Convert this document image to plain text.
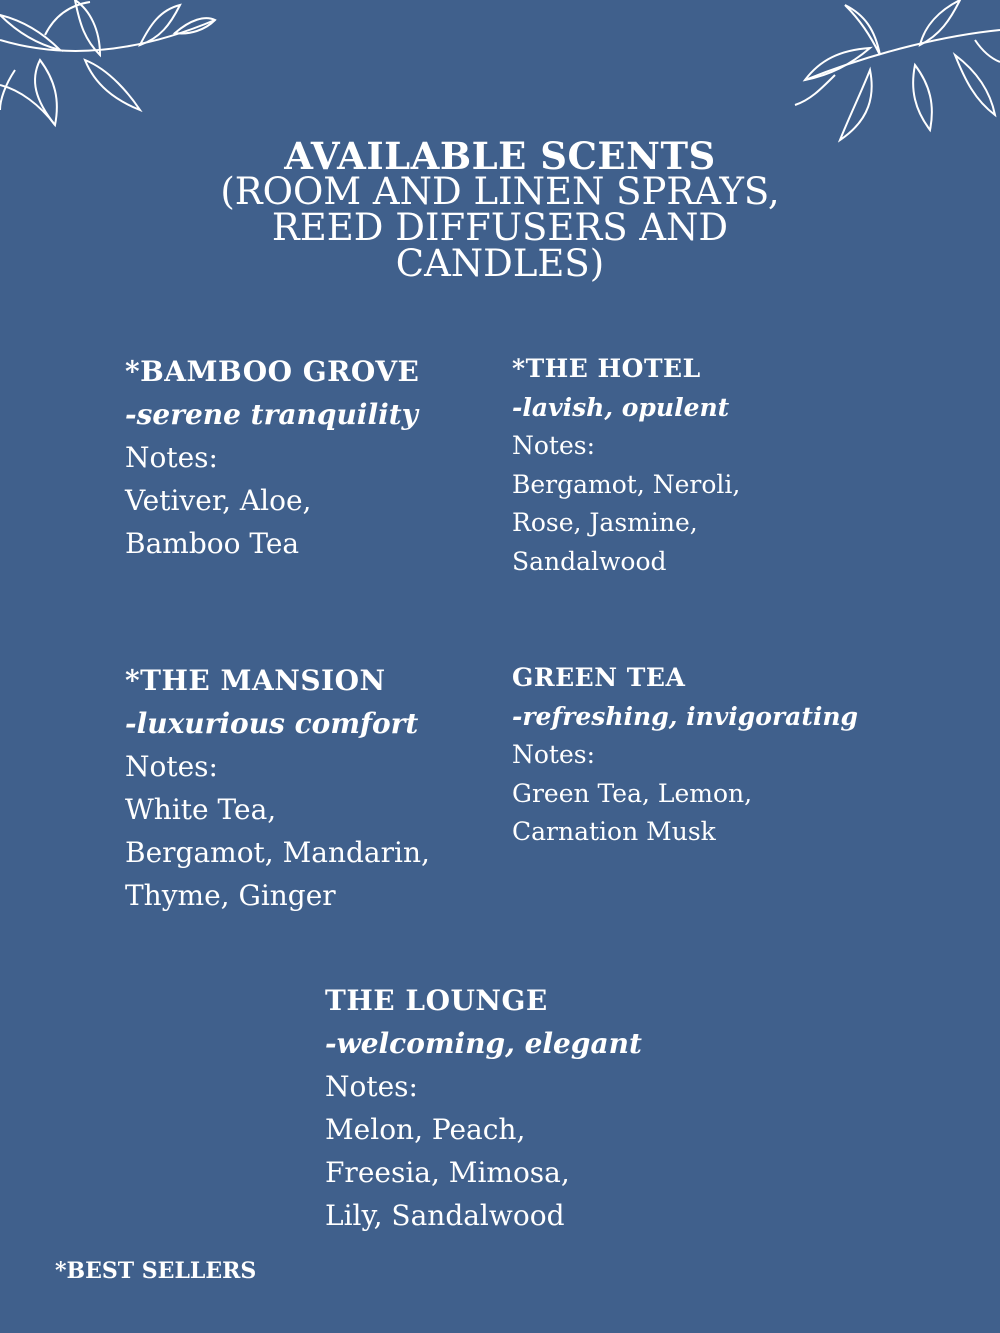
AVAILABLE SCENTS
(ROOM AND LINEN SPRAYS,
REED DIFFUSERS AND
CANDLES)
*BAMBOO GROVE
-serene tranquility
Notes:
Vetiver, Aloe,
Bamboo Tea
*THE HOTEL
-lavish, opulent
Notes:
Bergamot, Neroli,
Rose, Jasmine,
Sandalwood
*THE MANSION
-luxurious comfort
Notes:
White Tea,
Bergamot, Mandarin,
Thyme, Ginger
GREEN TEA
-refreshing, invigorating
Notes:
Green Tea, Lemon,
Carnation Musk
THE LOUNGE
-welcoming, elegant
Notes:
Melon, Peach,
Freesia, Mimosa,
Lily, Sandalwood
*BEST SELLERS
